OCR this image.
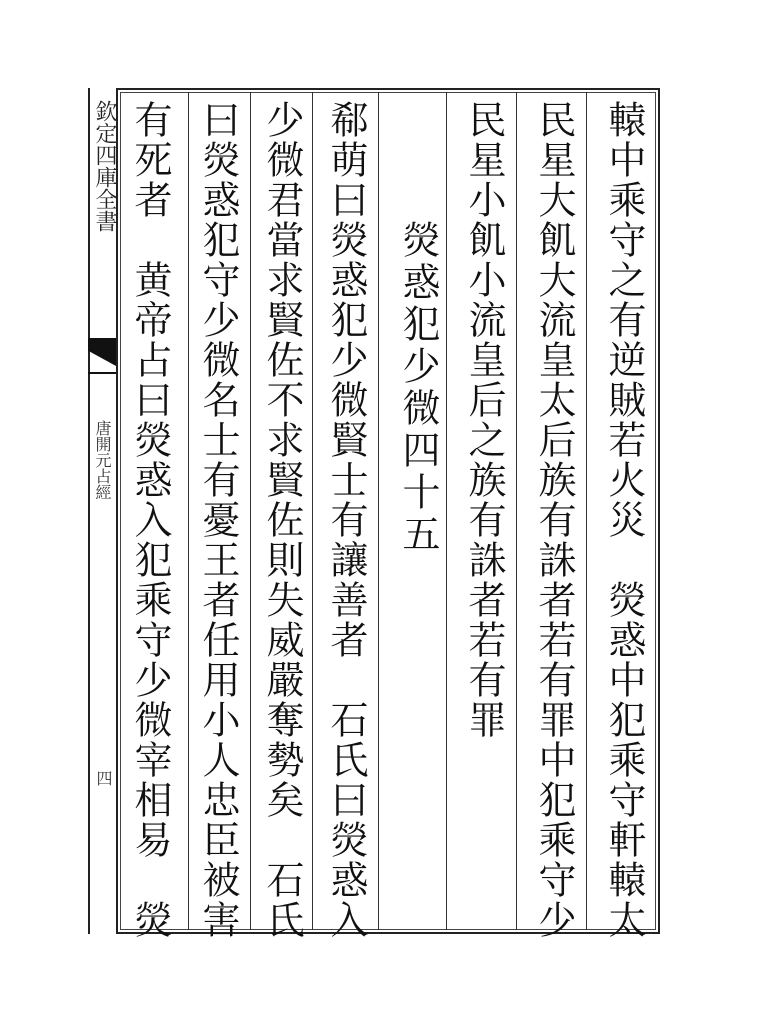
欽定四庫全書
唐開元占經
四	轅中乘守之有逆賊若火災　熒惑中犯乘守軒轅太
民星大飢大流皇太后族有誅者若有罪中犯乘守少
民星小飢小流皇后之族有誅者若有罪
熒惑犯少微四十五
郗萌曰熒惑犯少微賢士有讓善者　石氏曰熒惑入
少微君當求賢佐不求賢佐則失威嚴奪勢矣　石氏
曰熒惑犯守少微名士有憂王者任用小人忠臣被害
有死者　黄帝占曰熒惑入犯乘守少微宰相易　熒
